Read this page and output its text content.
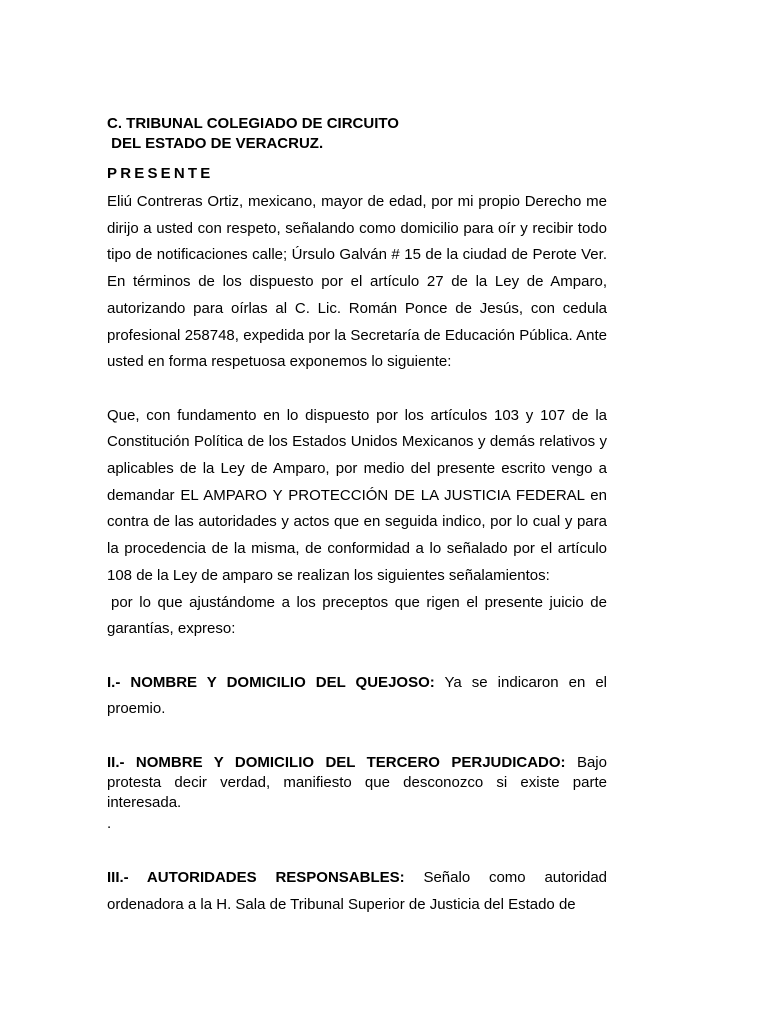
C. TRIBUNAL COLEGIADO DE CIRCUITO

DEL ESTADO DE VERACRUZ.

PRESENTE

Eliú Contreras Ortiz, mexicano, mayor de edad, por mi propio Derecho me dirijo a usted con respeto, señalando como domicilio para oír y recibir todo tipo de notificaciones calle; Úrsulo Galván # 15 de la ciudad de Perote Ver. En términos de los dispuesto por el artículo 27 de la Ley de Amparo, autorizando para oírlas al C. Lic. Román Ponce de Jesús, con cedula profesional 258748, expedida por la Secretaría de Educación Pública. Ante usted en forma respetuosa exponemos lo siguiente:

Que, con fundamento en lo dispuesto por los artículos 103 y 107 de la Constitución Política de los Estados Unidos Mexicanos y demás relativos y aplicables de la Ley de Amparo, por medio del presente escrito vengo a demandar EL AMPARO Y PROTECCIÓN DE LA JUSTICIA FEDERAL en contra de las autoridades y actos que en seguida indico, por lo cual y para la procedencia de la misma, de conformidad a lo señalado por el artículo 108 de la Ley de amparo se realizan los siguientes señalamientos:

por lo que ajustándome a los preceptos que rigen el presente juicio de garantías, expreso:

I.- NOMBRE Y DOMICILIO DEL QUEJOSO: Ya se indicaron en el proemio.

II.- NOMBRE Y DOMICILIO DEL TERCERO PERJUDICADO: Bajo protesta decir verdad, manifiesto que desconozco si existe parte interesada.

.

III.- AUTORIDADES RESPONSABLES: Señalo como autoridad ordenadora a la H. Sala de Tribunal Superior de Justicia del Estado de
